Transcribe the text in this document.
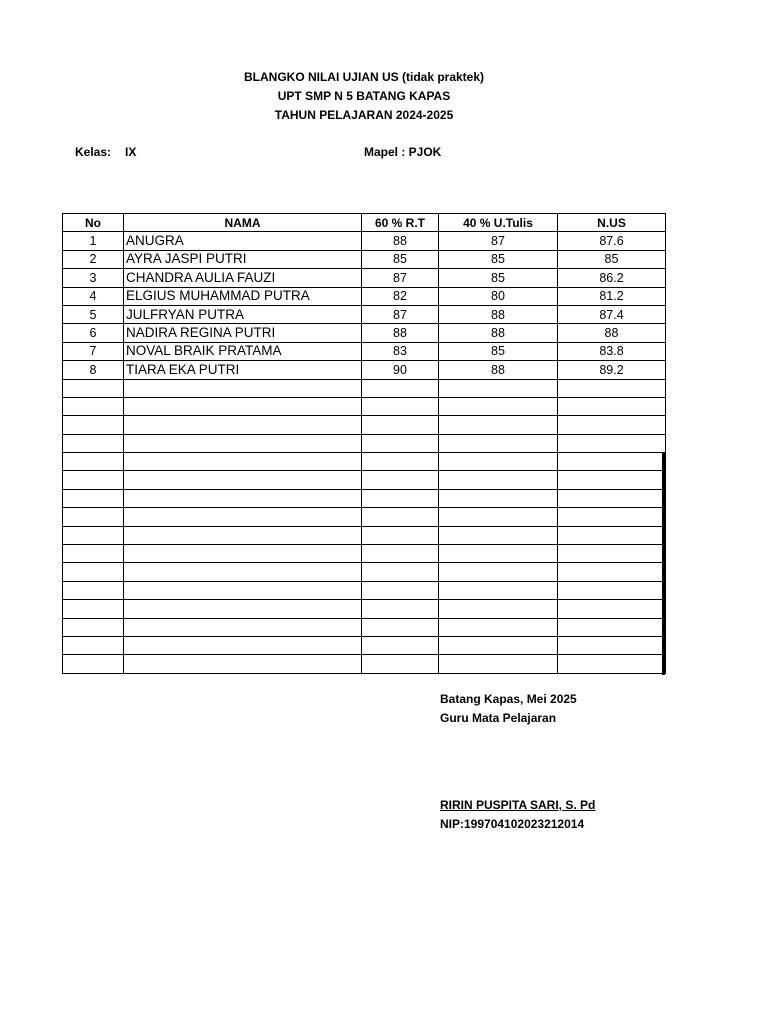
BLANGKO NILAI UJIAN US (tidak praktek)
UPT SMP N 5 BATANG KAPAS
TAHUN PELAJARAN 2024-2025
Kelas: IX	Mapel : PJOK
No	NAMA	60 % R.T	40 % U.Tulis	N.US
1	ANUGRA	88	87	87.6
2	AYRA JASPI PUTRI	85	85	85
3	CHANDRA AULIA FAUZI	87	85	86.2
4	ELGIUS MUHAMMAD PUTRA	82	80	81.2
5	JULFRYAN PUTRA	87	88	87.4
6	NADIRA REGINA PUTRI	88	88	88
7	NOVAL BRAIK PRATAMA	83	85	83.8
8	TIARA EKA PUTRI	90	88	89.2

Batang Kapas, Mei 2025
Guru Mata Pelajaran
RIRIN PUSPITA SARI, S. Pd
NIP:199704102023212014
